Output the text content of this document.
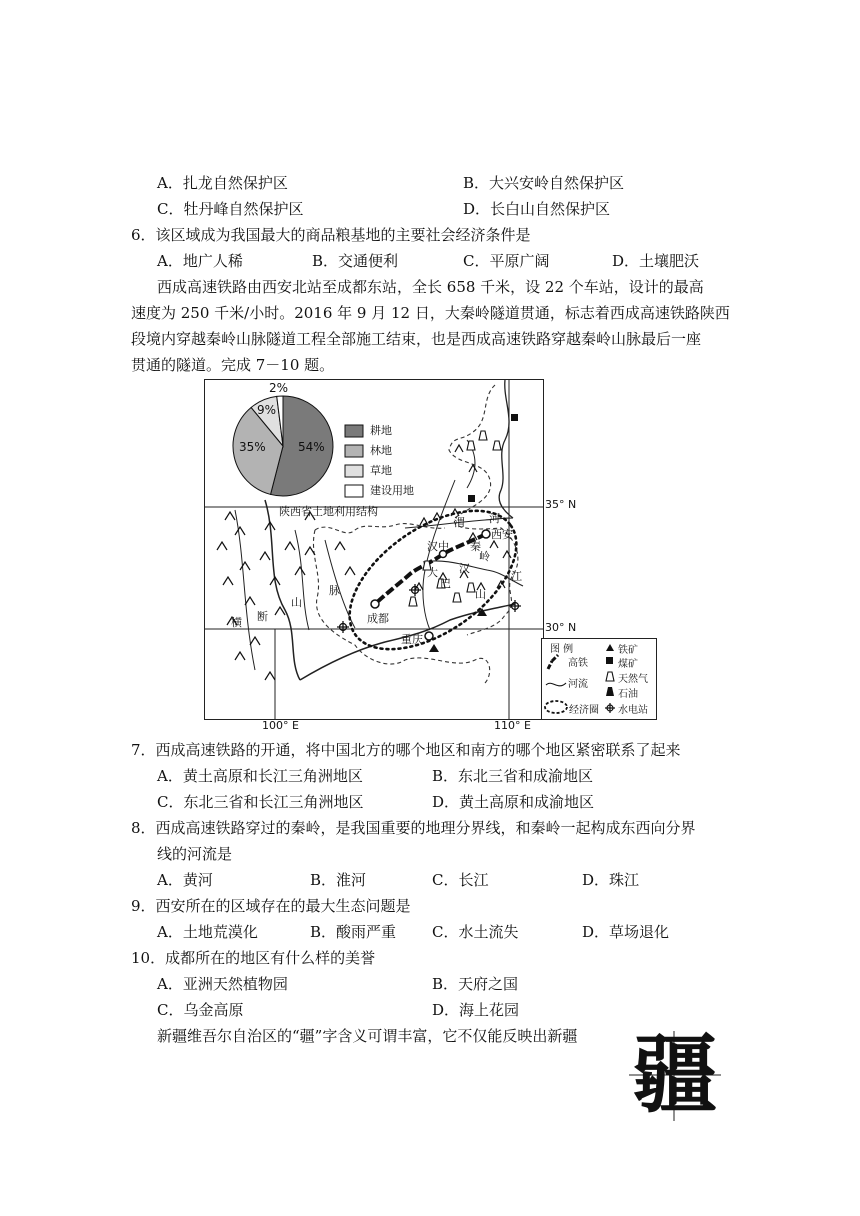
A．扎龙自然保护区	B．大兴安岭自然保护区
C．牡丹峰自然保护区	D．长白山自然保护区
6．该区域成为我国最大的商品粮基地的主要社会经济条件是
A．地广人稀	B．交通便利	C．平原广阔	D．土壤肥沃
西成高速铁路由西安北站至成都东站，全长 658 千米，设 22 个车站，设计的最高
速度为 250 千米/小时。2016 年 9 月 12 日，大秦岭隧道贯通，标志着西成高速铁路陕西
段境内穿越秦岭山脉隧道工程全部施工结束，也是西成高速铁路穿越秦岭山脉最后一座
贯通的隧道。完成 7－10 题。
54%
35%
9%
2%
陕西省土地利用结构
耕地
林地
草地
建设用地
西安
汉中
成都
重庆
渭 河
秦
岭
汉
江
大
巴
山
横 断
山
脉
35° N
30° N
100° E	110° E
图 例
高铁
河流
经济圈
铁矿
煤矿
天然气
石油
水电站
7．西成高速铁路的开通，将中国北方的哪个地区和南方的哪个地区紧密联系了起来
A．黄土高原和长江三角洲地区	B．东北三省和成渝地区
C．东北三省和长江三角洲地区	D．黄土高原和成渝地区
8．西成高速铁路穿过的秦岭，是我国重要的地理分界线，和秦岭一起构成东西向分界
线的河流是
A．黄河	B．淮河	C．长江	D．珠江
9．西安所在的区域存在的最大生态问题是
A．土地荒漠化	B．酸雨严重 C．水土流失	D．草场退化
10．成都所在的地区有什么样的美誉
A．亚洲天然植物园	B．天府之国
C．乌金高原	D．海上花园
新疆维吾尔自治区的“疆”字含义可谓丰富，它不仅能反映出新疆 疆
